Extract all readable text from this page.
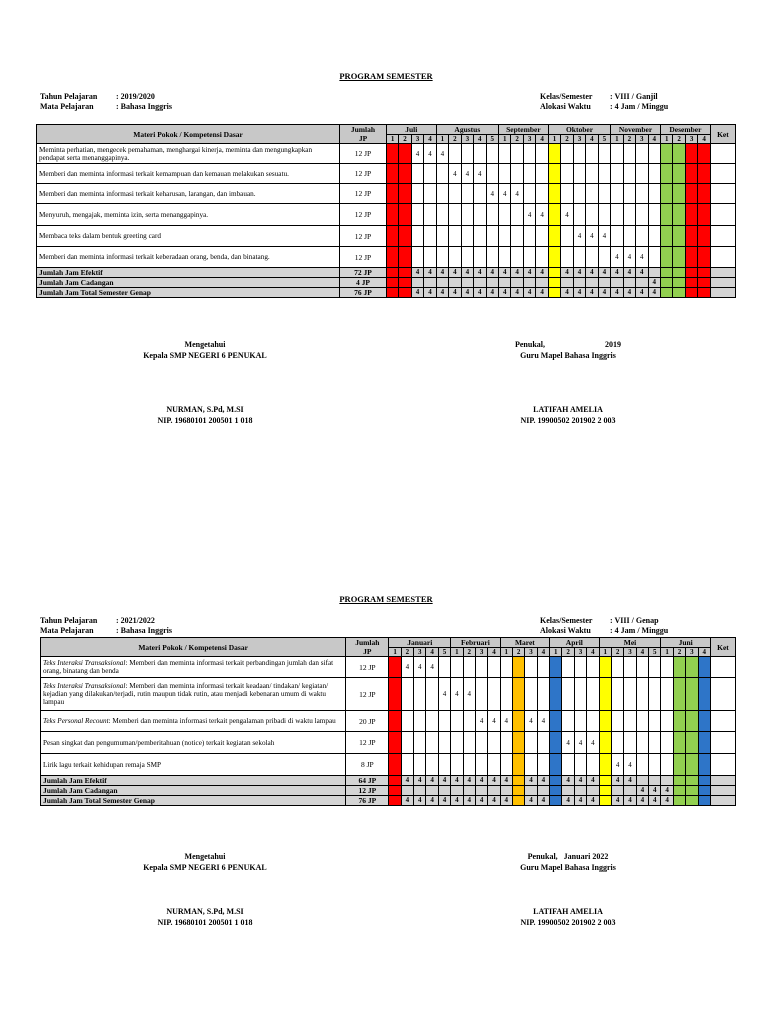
PROGRAM SEMESTER
Tahun Pelajaran : 2019/2020
Mata Pelajaran	: Bahasa Inggris
Kelas/Semester : VIII / Ganjil
Alokasi Waktu : 4 Jam / Minggu
Materi Pokok / Kompetensi Dasar	Jumlah
JP	Juli				Agustus					September				Oktober					November				Desember				Ket
		1	2	3	4	1	2	3	4	5	1	2	3	4	1	2	3	4	5	1	2	3	4	1	2	3	4	
Meminta perhatian, mengecek pemahaman, menghargai kinerja, meminta dan mengungkapkan pendapat serta menanggapinya.	12 JP			4	4	4																						
Memberi dan meminta informasi terkait kemampuan dan kemauan melakukan sesuatu.	12 JP						4	4	4																			
Memberi dan meminta informasi terkait keharusan, larangan, dan imbauan.	12 JP									4	4	4																
Menyuruh, mengajak, meminta izin, serta menanggapinya.	12 JP												4	4		4												
Membaca teks dalam bentuk greeting card	12 JP																4	4	4									
Memberi dan meminta informasi terkait keberadaan orang, benda, dan binatang.	12 JP																			4	4	4						
Jumlah Jam Efektif	72 JP			4	4	4	4	4	4	4	4	4	4	4		4	4	4	4	4	4	4						
Jumlah Jam Cadangan	4 JP																						4					
Jumlah Jam Total Semester Genap	76 JP			4	4	4	4	4	4	4	4	4	4	4		4	4	4	4	4	4	4	4					
Mengetahui
Kepala SMP NEGERI 6 PENUKAL
NURMAN, S.Pd, M.SI
NIP. 19680101 200501 1 018
Penukal,	2019
Guru Mapel Bahasa Inggris
LATIFAH AMELIA
NIP. 19900502 201902 2 003
PROGRAM SEMESTER
Tahun Pelajaran : 2021/2022
Mata Pelajaran	: Bahasa Inggris
Kelas/Semester : VIII / Genap
Alokasi Waktu : 4 Jam / Minggu
Materi Pokok / Kompetensi Dasar	Jumlah
JP	Januari					Februari				Maret				April				Mei					Juni				Ket
		1	2	3	4	5	1	2	3	4	1	2	3	4	1	2	3	4	1	2	3	4	5	1	2	3	4	
Teks Interaksi Transaksional: Memberi dan meminta informasi terkait perbandingan jumlah dan sifat orang, binatang dan benda	12 JP		4	4	4																							
Teks Interaksi Transaksional: Memberi dan meminta informasi terkait keadaan/ tindakan/ kegiatan/ kejadian yang dilakukan/terjadi, rutin maupun tidak rutin, atau menjadi kebenaran umum di waktu lampau	12 JP					4	4	4																				
Teks Personal Recount: Memberi dan meminta informasi terkait pengalaman pribadi di waktu lampau	20 JP								4	4	4		4	4														
Pesan singkat dan pengumuman/pemberitahuan (notice) terkait kegiatan sekolah	12 JP															4	4	4										
Lirik lagu terkait kehidupan remaja SMP	8 JP																			4	4							
Jumlah Jam Efektif	64 JP		4	4	4	4	4	4	4	4	4		4	4		4	4	4		4	4							
Jumlah Jam Cadangan	12 JP																					4	4	4				
Jumlah Jam Total Semester Genap	76 JP		4	4	4	4	4	4	4	4	4		4	4		4	4	4		4	4	4	4	4				
Mengetahui
Kepala SMP NEGERI 6 PENUKAL
NURMAN, S.Pd, M.SI
NIP. 19680101 200501 1 018
Penukal, Januari 2022
Guru Mapel Bahasa Inggris
LATIFAH AMELIA
NIP. 19900502 201902 2 003
